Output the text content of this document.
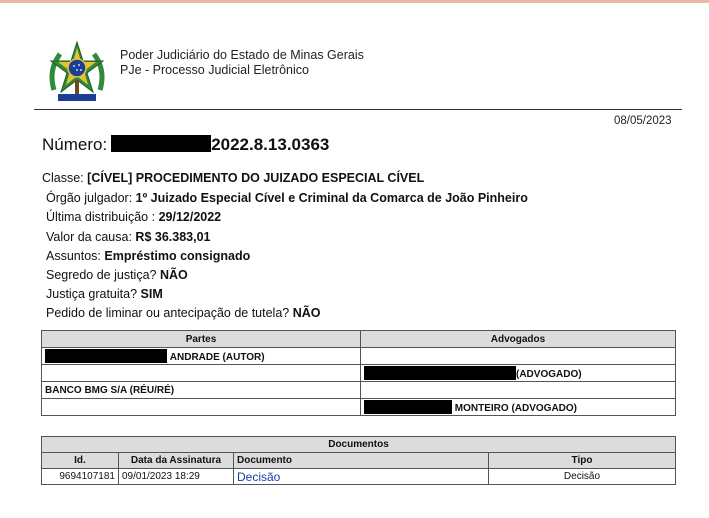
Poder Judiciário do Estado de Minas Gerais
PJe - Processo Judicial Eletrônico
08/05/2023
Número:	2022.8.13.0363
Classe: [CÍVEL] PROCEDIMENTO DO JUIZADO ESPECIAL CÍVEL
Órgão julgador: 1º Juizado Especial Cível e Criminal da Comarca de João Pinheiro
Última distribuição : 29/12/2022
Valor da causa: R$ 36.383,01
Assuntos: Empréstimo consignado
Segredo de justiça? NÃO
Justiça gratuita? SIM
Pedido de liminar ou antecipação de tutela? NÃO
Partes	Advogados
ANDRADE (AUTOR)	
	(ADVOGADO)
BANCO BMG S/A (RÉU/RÉ)	
	MONTEIRO (ADVOGADO)
Documentos			
Id.	Data da Assinatura	Documento	Tipo
9694107181	09/01/2023 18:29	Decisão	Decisão
